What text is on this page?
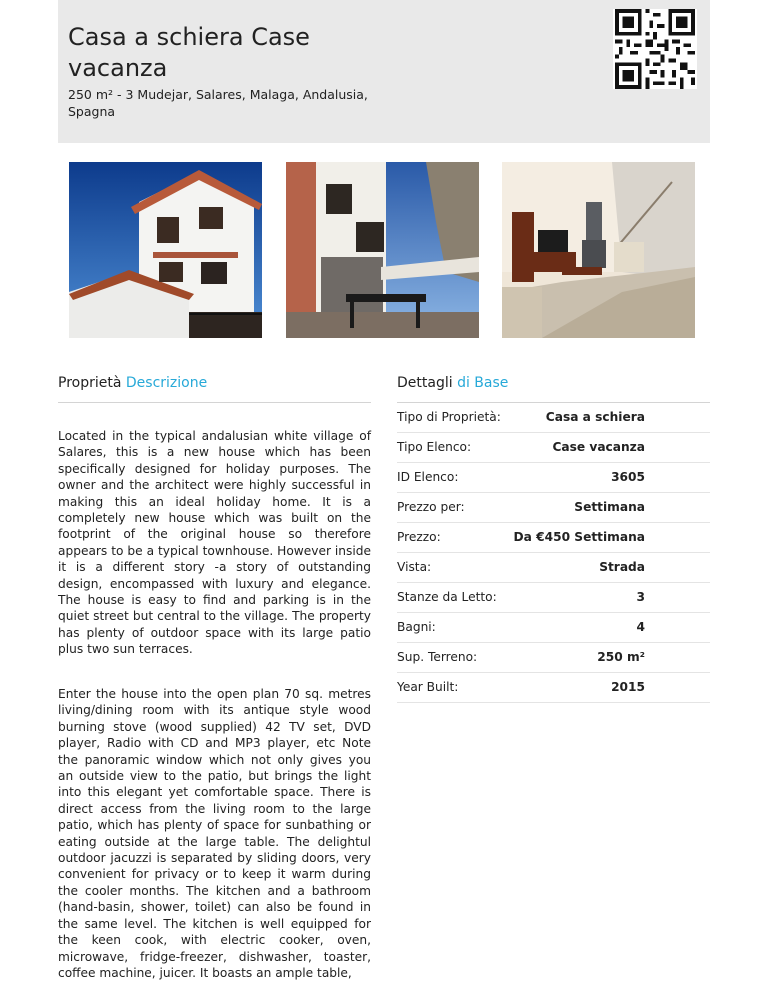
Casa a schiera Case vacanza
250 m² - 3 Mudejar, Salares, Malaga, Andalusia, Spagna
Proprietà Descrizione

Located in the typical andalusian white village of Salares, this is a new house which has been specifically designed for holiday purposes. The owner and the architect were highly successful in making this an ideal holiday home. It is a completely new house which was built on the footprint of the original house so therefore appears to be a typical townhouse. However inside it is a different story -a story of outstanding design, encompassed with luxury and elegance. The house is easy to find and parking is in the quiet street but central to the village. The property has plenty of outdoor space with its large patio plus two sun terraces.

Enter the house into the open plan 70 sq. metres living/dining room with its antique style wood burning stove (wood supplied) 42 TV set, DVD player, Radio with CD and MP3 player, etc Note the panoramic window which not only gives you an outside view to the patio, but brings the light into this elegant yet comfortable space. There is direct access from the living room to the large patio, which has plenty of space for sunbathing or eating outside at the large table. The delightul outdoor jacuzzi is separated by sliding doors, very convenient for privacy or to keep it warm during the cooler months. The kitchen and a bathroom (hand-basin, shower, toilet) can also be found in the same level. The kitchen is well equipped for the keen cook, with electric cooker, oven, microwave, fridge-freezer, dishwasher, toaster, coffee machine, juicer. It boasts an ample table,

Dettagli di Base
Tipo di Proprietà:	Casa a schiera
Tipo Elenco:	Case vacanza
ID Elenco:	3605
Prezzo per:	Settimana
Prezzo:	Da €450 Settimana
Vista:	Strada
Stanze da Letto:	3
Bagni:	4
Sup. Terreno:	250 m²
Year Built:	2015
